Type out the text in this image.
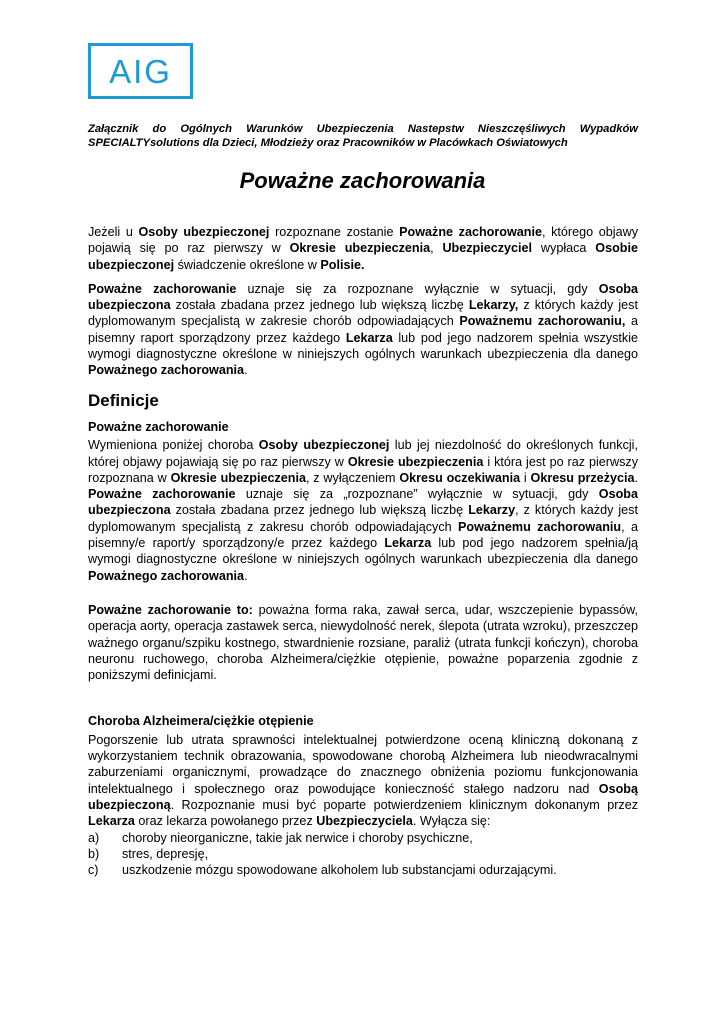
AIG
Załącznik do Ogólnych Warunków Ubezpieczenia Nastepstw Nieszczęśliwych Wypadków SPECIALTYsolutions dla Dzieci, Młodzieży oraz Pracowników w Placówkach Oświatowych
Poważne zachorowania

Jeżeli u Osoby ubezpieczonej rozpoznane zostanie Poważne zachorowanie, którego objawy pojawią się po raz pierwszy w Okresie ubezpieczenia, Ubezpieczyciel wypłaca Osobie ubezpieczonej świadczenie określone w Polisie.

Poważne zachorowanie uznaje się za rozpoznane wyłącznie w sytuacji, gdy Osoba ubezpieczona została zbadana przez jednego lub większą liczbę Lekarzy, z których każdy jest dyplomowanym specjalistą w zakresie chorób odpowiadających Poważnemu zachorowaniu, a pisemny raport sporządzony przez każdego Lekarza lub pod jego nadzorem spełnia wszystkie wymogi diagnostyczne określone w niniejszych ogólnych warunkach ubezpieczenia dla danego Poważnego zachorowania.

Definicje
Poważne zachorowanie

Wymieniona poniżej choroba Osoby ubezpieczonej lub jej niezdolność do określonych funkcji, której objawy pojawiają się po raz pierwszy w Okresie ubezpieczenia i która jest po raz pierwszy rozpoznana w Okresie ubezpieczenia, z wyłączeniem Okresu oczekiwania i Okresu przeżycia. Poważne zachorowanie uznaje się za „rozpoznane” wyłącznie w sytuacji, gdy Osoba ubezpieczona została zbadana przez jednego lub większą liczbę Lekarzy, z których każdy jest dyplomowanym specjalistą z zakresu chorób odpowiadających Poważnemu zachorowaniu, a pisemny/e raport/y sporządzony/e przez każdego Lekarza lub pod jego nadzorem spełnia/ją wymogi diagnostyczne określone w niniejszych ogólnych warunkach ubezpieczenia dla danego Poważnego zachorowania.

Poważne zachorowanie to: poważna forma raka, zawał serca, udar, wszczepienie bypassów, operacja aorty, operacja zastawek serca, niewydolność nerek, ślepota (utrata wzroku), przeszczep ważnego organu/szpiku kostnego, stwardnienie rozsiane, paraliż (utrata funkcji kończyn), choroba neuronu ruchowego, choroba Alzheimera/ciężkie otępienie, poważne poparzenia zgodnie z poniższymi definicjami.

Choroba Alzheimera/ciężkie otępienie

Pogorszenie lub utrata sprawności intelektualnej potwierdzone oceną kliniczną dokonaną z wykorzystaniem technik obrazowania, spowodowane chorobą Alzheimera lub nieodwracalnymi zaburzeniami organicznymi, prowadzące do znacznego obniżenia poziomu funkcjonowania intelektualnego i społecznego oraz powodujące konieczność stałego nadzoru nad Osobą ubezpieczoną. Rozpoznanie musi być poparte potwierdzeniem klinicznym dokonanym przez Lekarza oraz lekarza powołanego przez Ubezpieczyciela. Wyłącza się:

a)	choroby nieorganiczne, takie jak nerwice i choroby psychiczne,
b)	stres, depresję,
c)	uszkodzenie mózgu spowodowane alkoholem lub substancjami odurzającymi.
